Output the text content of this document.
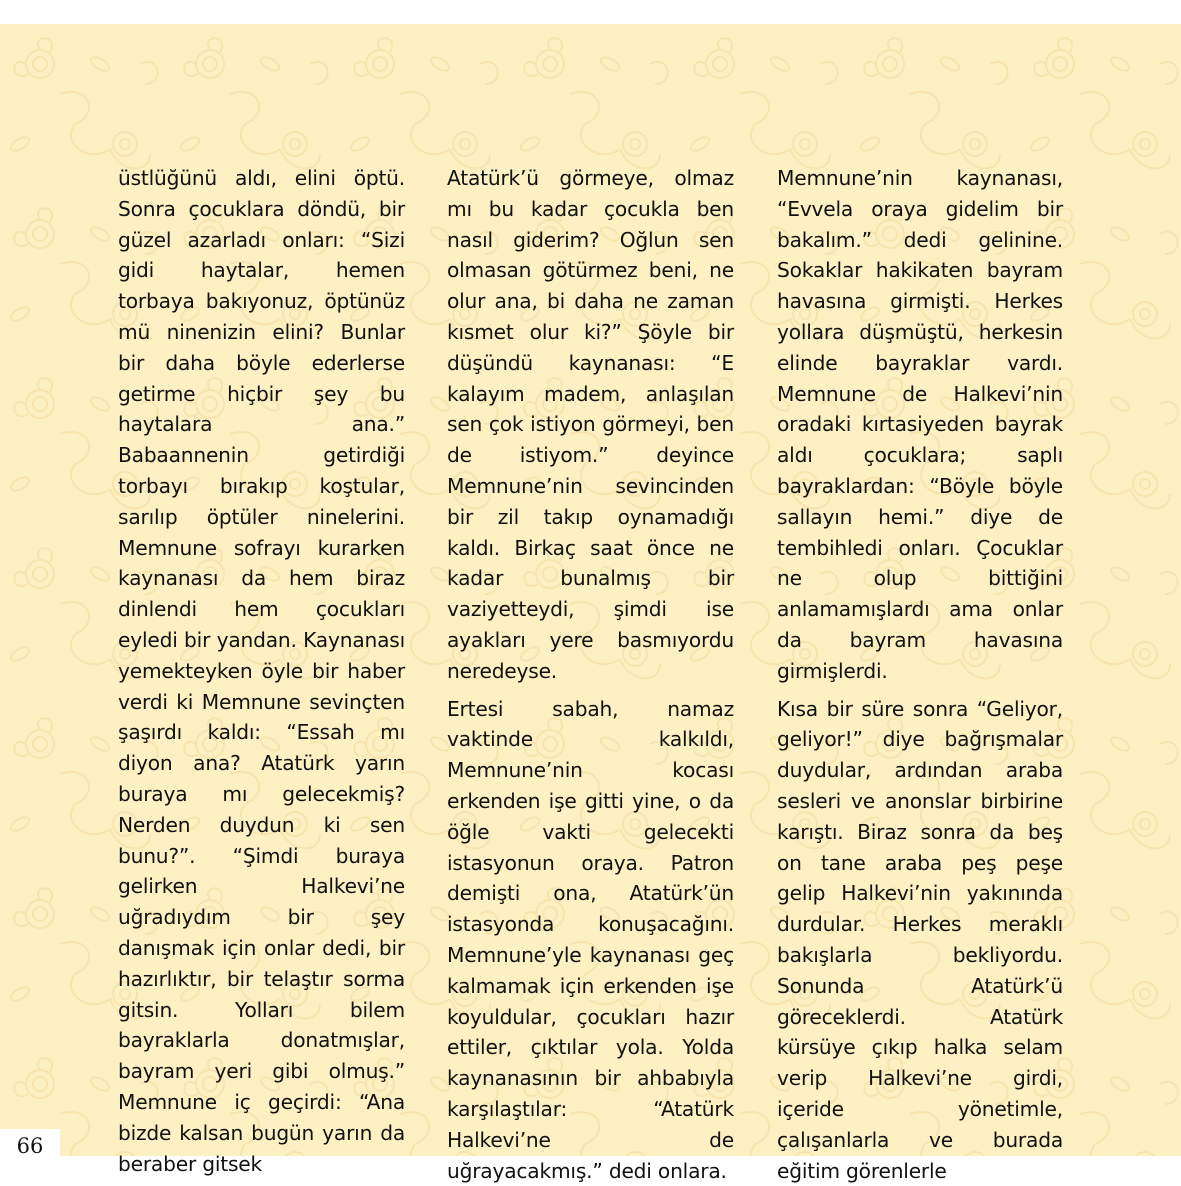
üstlüğünü aldı, elini öptü. Sonra çocuklara döndü, bir güzel azarladı onları: “Sizi gidi haytalar, hemen torbaya bakıyonuz, öptünüz mü ninenizin elini? Bunlar bir daha böyle ederlerse getirme hiçbir şey bu haytalara ana.” Babaannenin getirdiği torbayı bırakıp koştular, sarılıp öptüler ninelerini. Memnune sofrayı kurarken kaynanası da hem biraz dinlendi hem çocukları eyledi bir yandan. Kaynanası yemekteyken öyle bir haber verdi ki Memnune sevinçten şaşırdı kaldı: “Essah mı diyon ana? Atatürk yarın buraya mı gelecekmiş? Nerden duydun ki sen bunu?”. “Şimdi buraya gelirken Halkevi’ne uğradıydım bir şey danışmak için onlar dedi, bir hazırlıktır, bir telaştır sorma gitsin. Yolları bilem bayraklarla donatmışlar, bayram yeri gibi olmuş.” Memnune iç geçirdi: “Ana bizde kalsan bugün yarın da beraber gitsek

Atatürk’ü görmeye, olmaz mı bu kadar çocukla ben nasıl giderim? Oğlun sen olmasan götürmez beni, ne olur ana, bi daha ne zaman kısmet olur ki?” Şöyle bir düşündü kaynanası: “E kalayım madem, anlaşılan sen çok istiyon görmeyi, ben de istiyom.” deyince Memnune’nin sevincinden bir zil takıp oynamadığı kaldı. Birkaç saat önce ne kadar bunalmış bir vaziyetteydi, şimdi ise ayakları yere basmıyordu neredeyse.

Ertesi sabah, namaz vaktinde kalkıldı, Memnune’nin kocası erkenden işe gitti yine, o da öğle vakti gelecekti istasyonun oraya. Patron demişti ona, Atatürk’ün istasyonda konuşacağını. Memnune’yle kaynanası geç kalmamak için erkenden işe koyuldular, çocukları hazır ettiler, çıktılar yola. Yolda kaynanasının bir ahbabıyla karşılaştılar: “Atatürk Halkevi’ne de uğrayacakmış.” dedi onlara.

Memnune’nin kaynanası, “Evvela oraya gidelim bir bakalım.” dedi gelinine. Sokaklar hakikaten bayram havasına girmişti. Herkes yollara düşmüştü, herkesin elinde bayraklar vardı. Memnune de Halkevi’nin oradaki kırtasiyeden bayrak aldı çocuklara; saplı bayraklardan: “Böyle böyle sallayın hemi.” diye de tembihledi onları. Çocuklar ne olup bittiğini anlamamışlardı ama onlar da bayram havasına girmişlerdi.

Kısa bir süre sonra “Geliyor, geliyor!” diye bağrışmalar duydular, ardından araba sesleri ve anonslar birbirine karıştı. Biraz sonra da beş on tane araba peş peşe gelip Halkevi’nin yakınında durdular. Herkes meraklı bakışlarla bekliyordu. Sonunda Atatürk’ü göreceklerdi. Atatürk kürsüye çıkıp halka selam verip Halkevi’ne girdi, içeride yönetimle, çalışanlarla ve burada eğitim görenlerle

66
